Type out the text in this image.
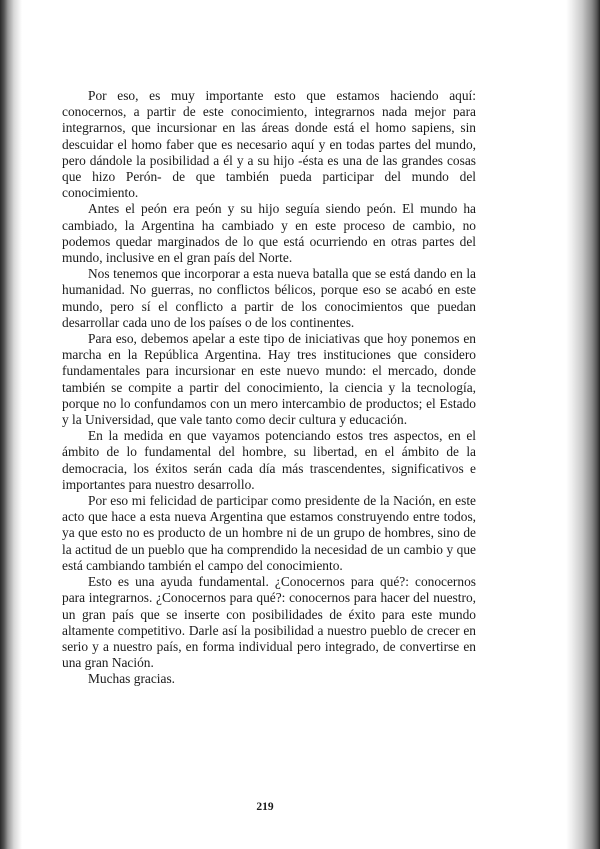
Por eso, es muy importante esto que estamos haciendo aquí: conocernos, a partir de este conocimiento, integrarnos nada mejor para integrarnos, que incursionar en las áreas donde está el homo sapiens, sin descuidar el homo faber que es necesario aquí y en todas partes del mundo, pero dándole la posibilidad a él y a su hijo -ésta es una de las grandes cosas que hizo Perón- de que también pueda participar del mundo del conocimiento.

Antes el peón era peón y su hijo seguía siendo peón. El mundo ha cambiado, la Argentina ha cambiado y en este proceso de cambio, no podemos quedar marginados de lo que está ocurriendo en otras partes del mundo, inclusive en el gran país del Norte.

Nos tenemos que incorporar a esta nueva batalla que se está dando en la humanidad. No guerras, no conflictos bélicos, porque eso se acabó en este mundo, pero sí el conflicto a partir de los conocimientos que puedan desarrollar cada uno de los países o de los continentes.

Para eso, debemos apelar a este tipo de iniciativas que hoy ponemos en marcha en la República Argentina. Hay tres instituciones que considero fundamentales para incursionar en este nuevo mundo: el mercado, donde también se compite a partir del conocimiento, la ciencia y la tecnología, porque no lo confundamos con un mero intercambio de productos; el Estado y la Universidad, que vale tanto como decir cultura y educación.

En la medida en que vayamos potenciando estos tres aspectos, en el ámbito de lo fundamental del hombre, su libertad, en el ámbito de la democracia, los éxitos serán cada día más trascendentes, significativos e importantes para nuestro desarrollo.

Por eso mi felicidad de participar como presidente de la Nación, en este acto que hace a esta nueva Argentina que estamos construyendo entre todos, ya que esto no es producto de un hombre ni de un grupo de hombres, sino de la actitud de un pueblo que ha comprendido la necesidad de un cambio y que está cambiando también el campo del conocimiento.

Esto es una ayuda fundamental. ¿Conocernos para qué?: conocernos para integrarnos. ¿Conocernos para qué?: conocernos para hacer del nuestro, un gran país que se inserte con posibilidades de éxito para este mundo altamente competitivo. Darle así la posibilidad a nuestro pueblo de crecer en serio y a nuestro país, en forma individual pero integrado, de convertirse en una gran Nación.

Muchas gracias.

219
